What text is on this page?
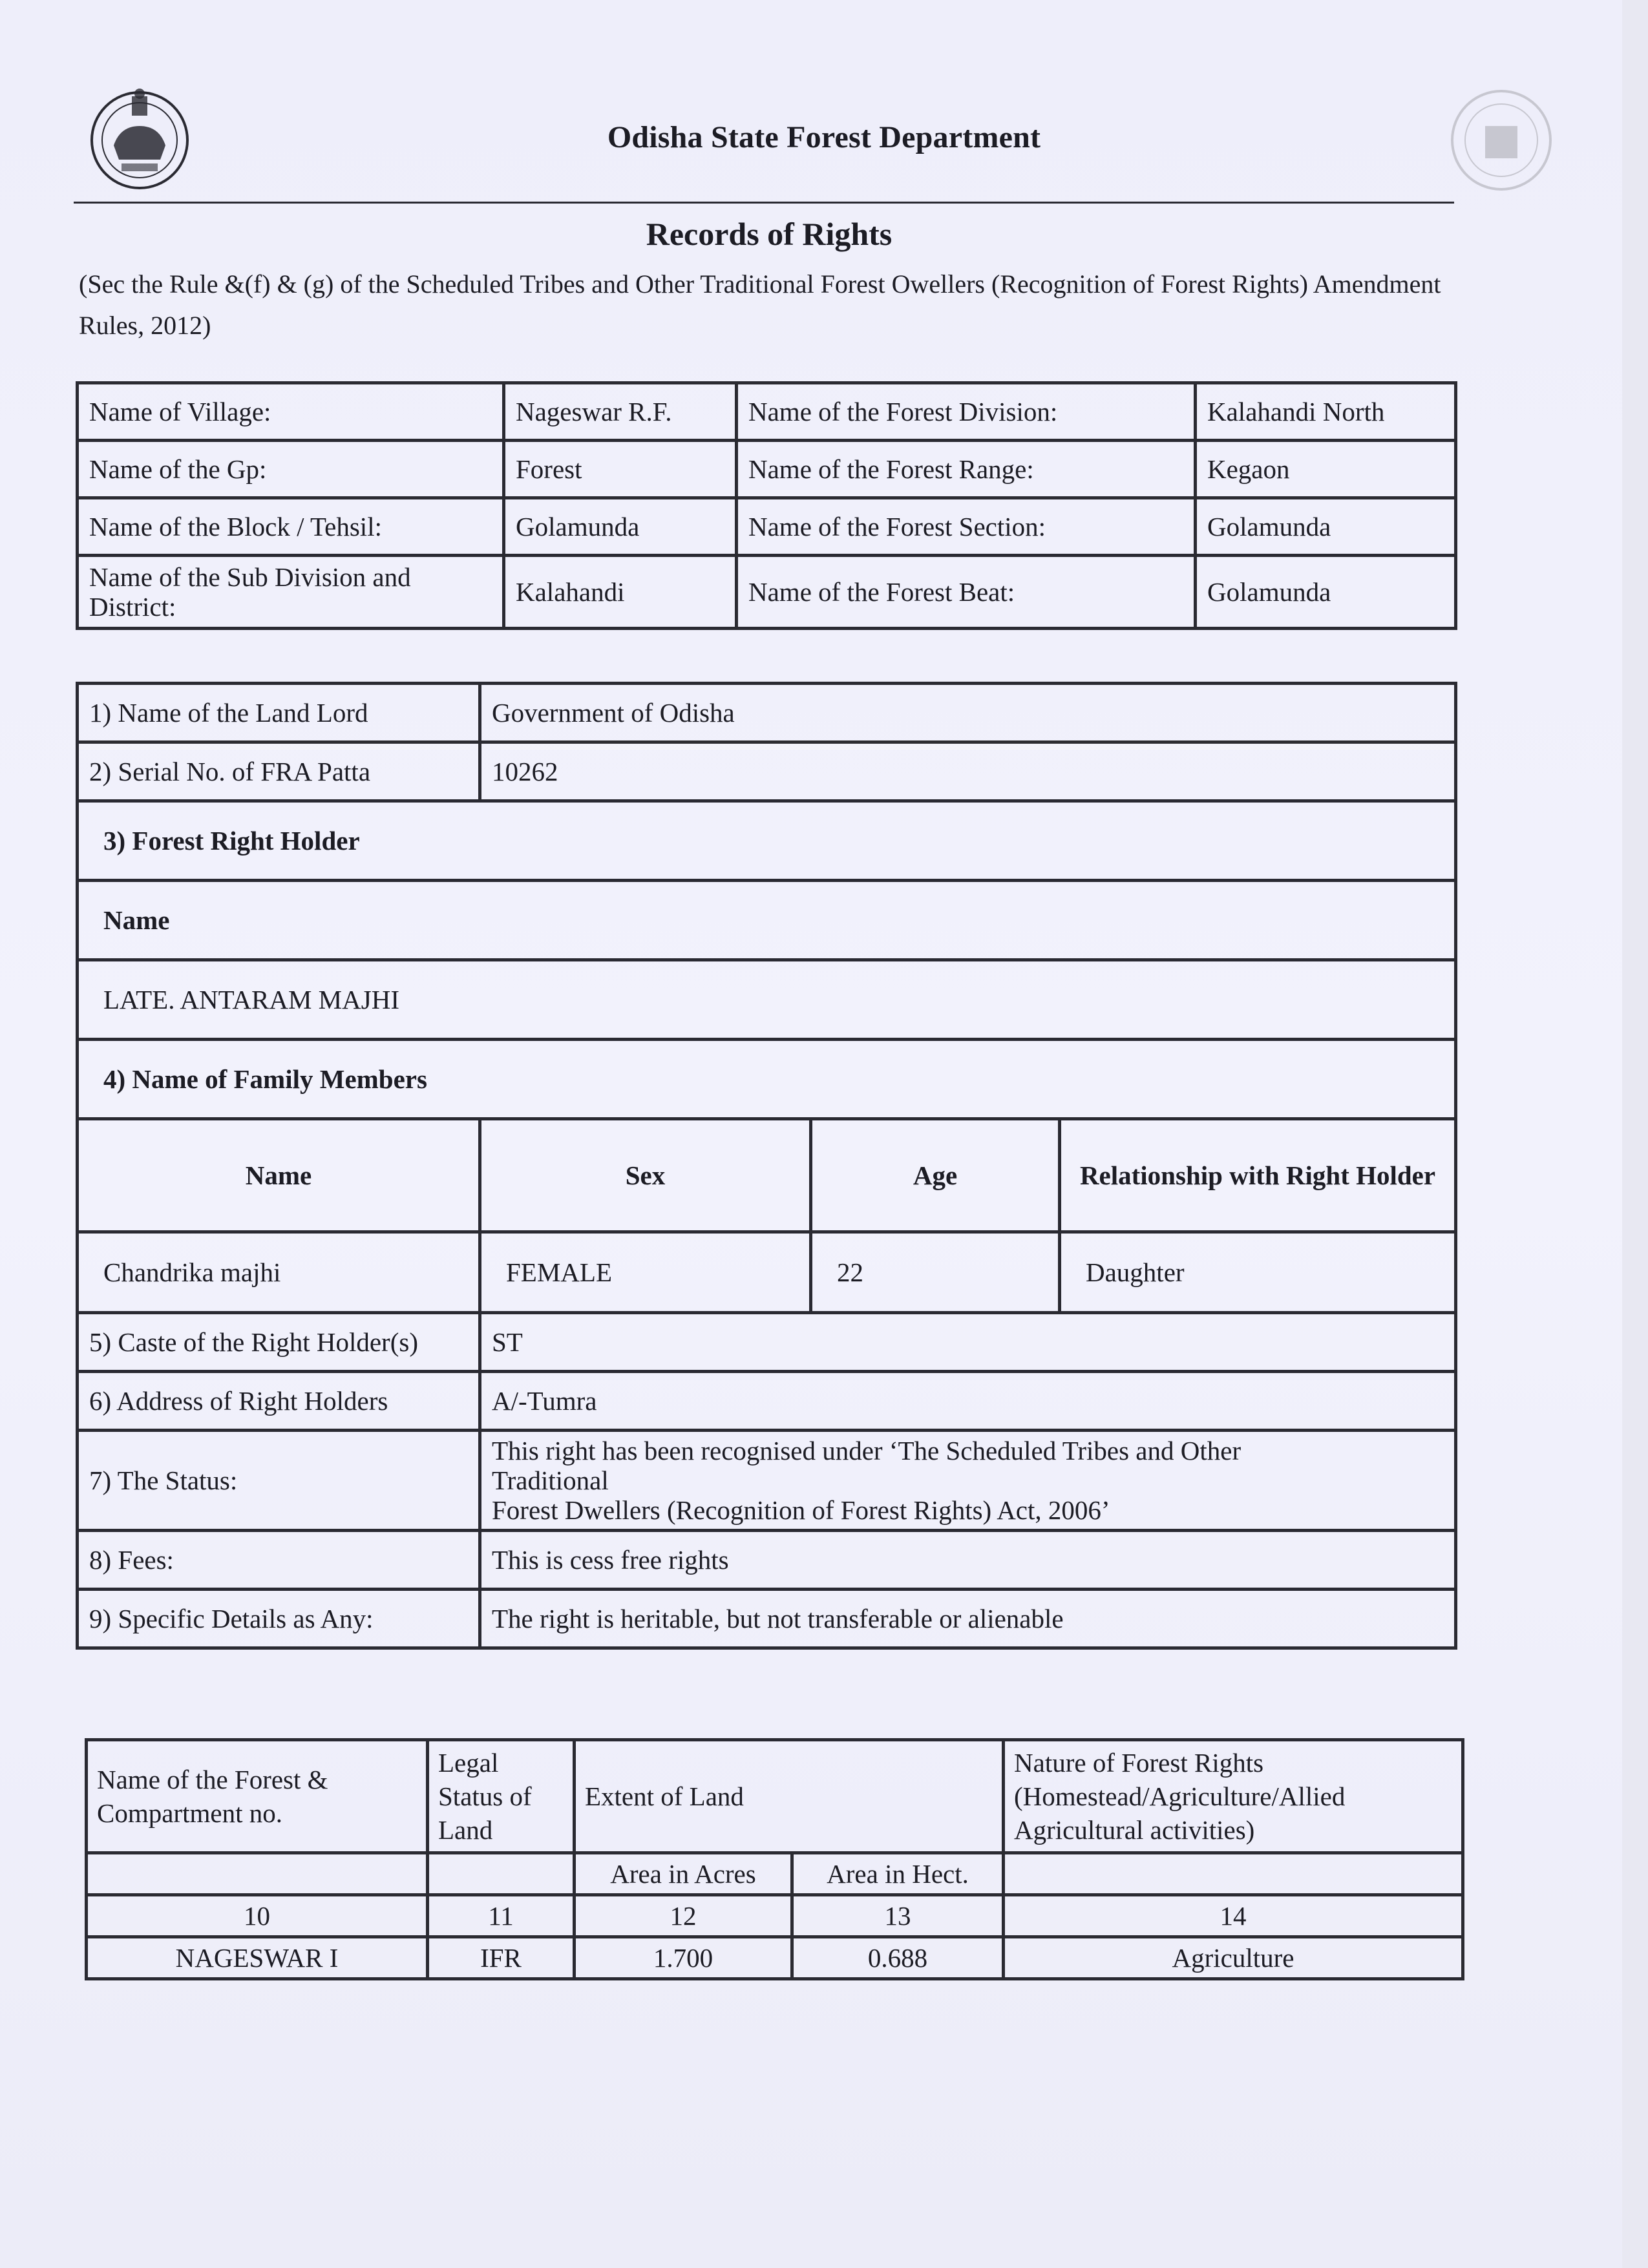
Odisha State Forest Department
Records of Rights
(Sec the Rule &(f) & (g) of the Scheduled Tribes and Other Traditional Forest Owellers (Recognition of Forest Rights) Amendment Rules, 2012)
Name of Village:	Nageswar R.F.	Name of the Forest Division:	Kalahandi North
Name of the Gp:	Forest	Name of the Forest Range:	Kegaon
Name of the Block / Tehsil:	Golamunda	Name of the Forest Section:	Golamunda
Name of the Sub Division and District:	Kalahandi	Name of the Forest Beat:	Golamunda
1) Name of the Land Lord	Government of Odisha		
2) Serial No. of FRA Patta	10262		
3) Forest Right Holder			
Name			
LATE. ANTARAM MAJHI			
4) Name of Family Members			
Name	Sex	Age	Relationship with Right Holder
Chandrika majhi	FEMALE	22	Daughter
5) Caste of the Right Holder(s)	ST		
6) Address of Right Holders	A/-Tumra		
7) The Status:	This right has been recognised under ‘The Scheduled Tribes and Other
Traditional
Forest Dwellers (Recognition of Forest Rights) Act, 2006’		

8) Fees:	This is cess free rights		
9) Specific Details as Any:	The right is heritable, but not transferable or alienable		
Name of the Forest & Compartment no.	Legal Status of Land	Extent of Land		Nature of Forest Rights (Homestead/Agriculture/Allied Agricultural activities)
		Area in Acres	Area in Hect.	
10	11	12	13	14
NAGESWAR I	IFR	1.700	0.688	Agriculture
